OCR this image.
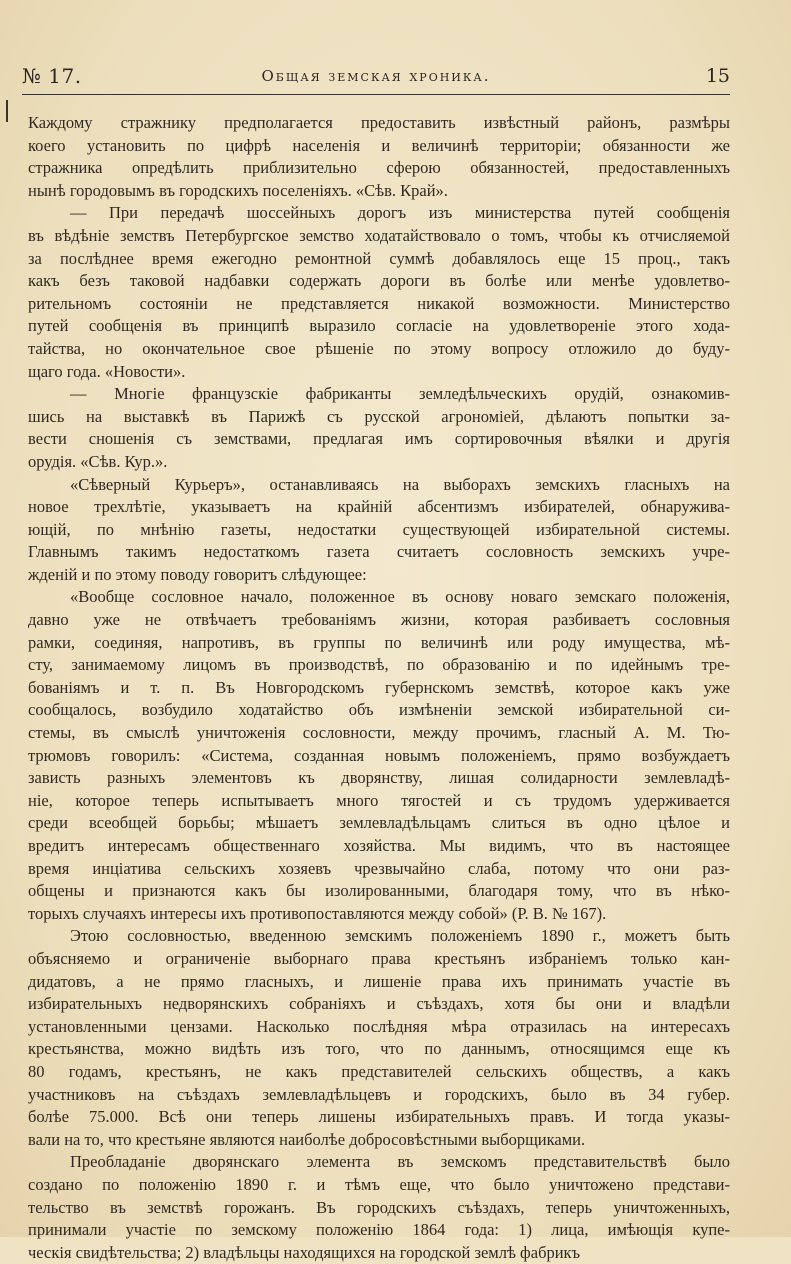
№ 17.	Общая земская хроника.	15
Каждому стражнику предполагается предоставить извѣстный районъ, размѣры
коего установить по цифрѣ населенія и величинѣ территоріи; обязанности же
стражника опредѣлить приблизительно сферою обязанностей, предоставленныхъ
нынѣ городовымъ въ городскихъ поселеніяхъ. «Сѣв. Край».
— При передачѣ шоссейныхъ дорогъ изъ министерства путей сообщенія
въ вѣдѣніе земствъ Петербургское земство ходатайствовало о томъ, чтобы къ отчисляемой
за послѣднее время ежегодно ремонтной суммѣ добавлялось еще 15 проц., такъ
какъ безъ таковой надбавки содержать дороги въ болѣе или менѣе удовлетво-
рительномъ состояніи не представляется никакой возможности. Министерство
путей сообщенія въ принципѣ выразило согласіе на удовлетвореніе этого хода-
тайства, но окончательное свое рѣшеніе по этому вопросу отложило до буду-
щаго года. «Новости».
— Многіе французскіе фабриканты земледѣльческихъ орудій, ознакомив-
шись на выставкѣ въ Парижѣ съ русской агрономіей, дѣлаютъ попытки за-
вести сношенія съ земствами, предлагая имъ сортировочныя вѣялки и другія
орудія. «Сѣв. Кур.».
«Сѣверный Курьеръ», останавливаясь на выборахъ земскихъ гласныхъ на
новое трехлѣтіе, указываетъ на крайній абсентизмъ избирателей, обнаружива-
ющій, по мнѣнію газеты, недостатки существующей избирательной системы.
Главнымъ такимъ недостаткомъ газета считаетъ сословность земскихъ учре-
жденій и по этому поводу говоритъ слѣдующее:
«Вообще сословное начало, положенное въ основу новаго земскаго положенія,
давно уже не отвѣчаетъ требованіямъ жизни, которая разбиваетъ сословныя
рамки, соединяя, напротивъ, въ группы по величинѣ или роду имущества, мѣ-
сту, занимаемому лицомъ въ производствѣ, по образованію и по идейнымъ тре-
бованіямъ и т. п. Въ Новгородскомъ губернскомъ земствѣ, которое какъ уже
сообщалось, возбудило ходатайство объ измѣненіи земской избирательной си-
стемы, въ смыслѣ уничтоженія сословности, между прочимъ, гласный А. М. Тю-
трюмовъ говорилъ: «Система, созданная новымъ положеніемъ, прямо возбуждаетъ
зависть разныхъ элементовъ къ дворянству, лишая солидарности землевладѣ-
ніе, которое теперь испытываетъ много тягостей и съ трудомъ удерживается
среди всеобщей борьбы; мѣшаетъ землевладѣльцамъ слиться въ одно цѣлое и
вредитъ интересамъ общественнаго хозяйства. Мы видимъ, что въ настоящее
время инціатива сельскихъ хозяевъ чрезвычайно слаба, потому что они раз-
общены и признаются какъ бы изолированными, благодаря тому, что въ нѣко-
торыхъ случаяхъ интересы ихъ противопоставляются между собой» (Р. В. № 167).
Этою сословностью, введенною земскимъ положеніемъ 1890 г., можетъ быть
объясняемо и ограниченіе выборнаго права крестьянъ избраніемъ только кан-
дидатовъ, а не прямо гласныхъ, и лишеніе права ихъ принимать участіе въ
избирательныхъ недворянскихъ собраніяхъ и съѣздахъ, хотя бы они и владѣли
установленными цензами. Насколько послѣдняя мѣра отразилась на интересахъ
крестьянства, можно видѣть изъ того, что по даннымъ, относящимся еще къ
80 годамъ, крестьянъ, не какъ представителей сельскихъ обществъ, а какъ
участниковъ на съѣздахъ землевладѣльцевъ и городскихъ, было въ 34 губер.
болѣе 75.000. Всѣ они теперь лишены избирательныхъ правъ. И тогда указы-
вали на то, что крестьяне являются наиболѣе добросовѣстными выборщиками.
Преобладаніе дворянскаго элемента въ земскомъ представительствѣ было
создано по положенію 1890 г. и тѣмъ еще, что было уничтожено представи-
тельство въ земствѣ горожанъ. Въ городскихъ съѣздахъ, теперь уничтоженныхъ,
принимали участіе по земскому положенію 1864 года: 1) лица, имѣющія купе-
ческія свидѣтельства; 2) владѣльцы находящихся на городской землѣ фабрикъ
